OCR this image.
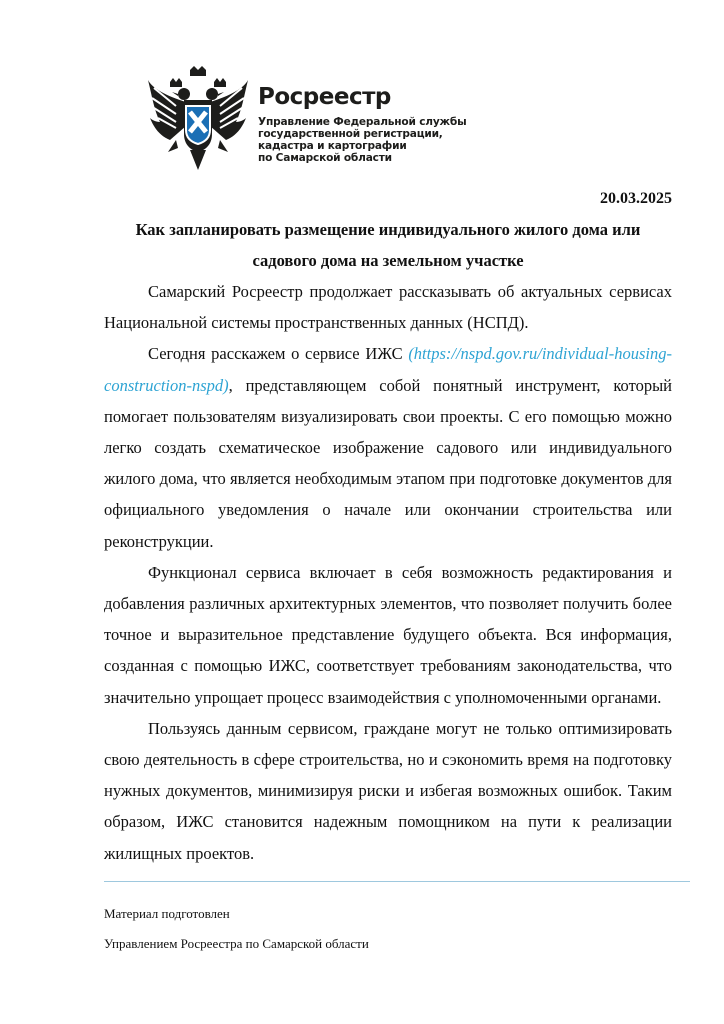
Росреестр
Управление Федеральной службы
государственной регистрации,
кадастра и картографии
по Самарской области
20.03.2025
Как запланировать размещение индивидуального жилого дома или
садового дома на земельном участке

Самарский Росреестр продолжает рассказывать об актуальных сервисах Национальной системы пространственных данных (НСПД).

Сегодня расскажем о сервисе ИЖС (https://nspd.gov.ru/individual-housing-construction-nspd), представляющем собой понятный инструмент, который помогает пользователям визуализировать свои проекты. С его помощью можно легко создать схематическое изображение садового или индивидуального жилого дома, что является необходимым этапом при подготовке документов для официального уведомления о начале или окончании строительства или реконструкции.

Функционал сервиса включает в себя возможность редактирования и добавления различных архитектурных элементов, что позволяет получить более точное и выразительное представление будущего объекта. Вся информация, созданная с помощью ИЖС, соответствует требованиям законодательства, что значительно упрощает процесс взаимодействия с уполномоченными органами.

Пользуясь данным сервисом, граждане могут не только оптимизировать свою деятельность в сфере строительства, но и сэкономить время на подготовку нужных документов, минимизируя риски и избегая возможных ошибок. Таким образом, ИЖС становится надежным помощником на пути к реализации жилищных проектов.

Материал подготовлен
Управлением Росреестра по Самарской области
